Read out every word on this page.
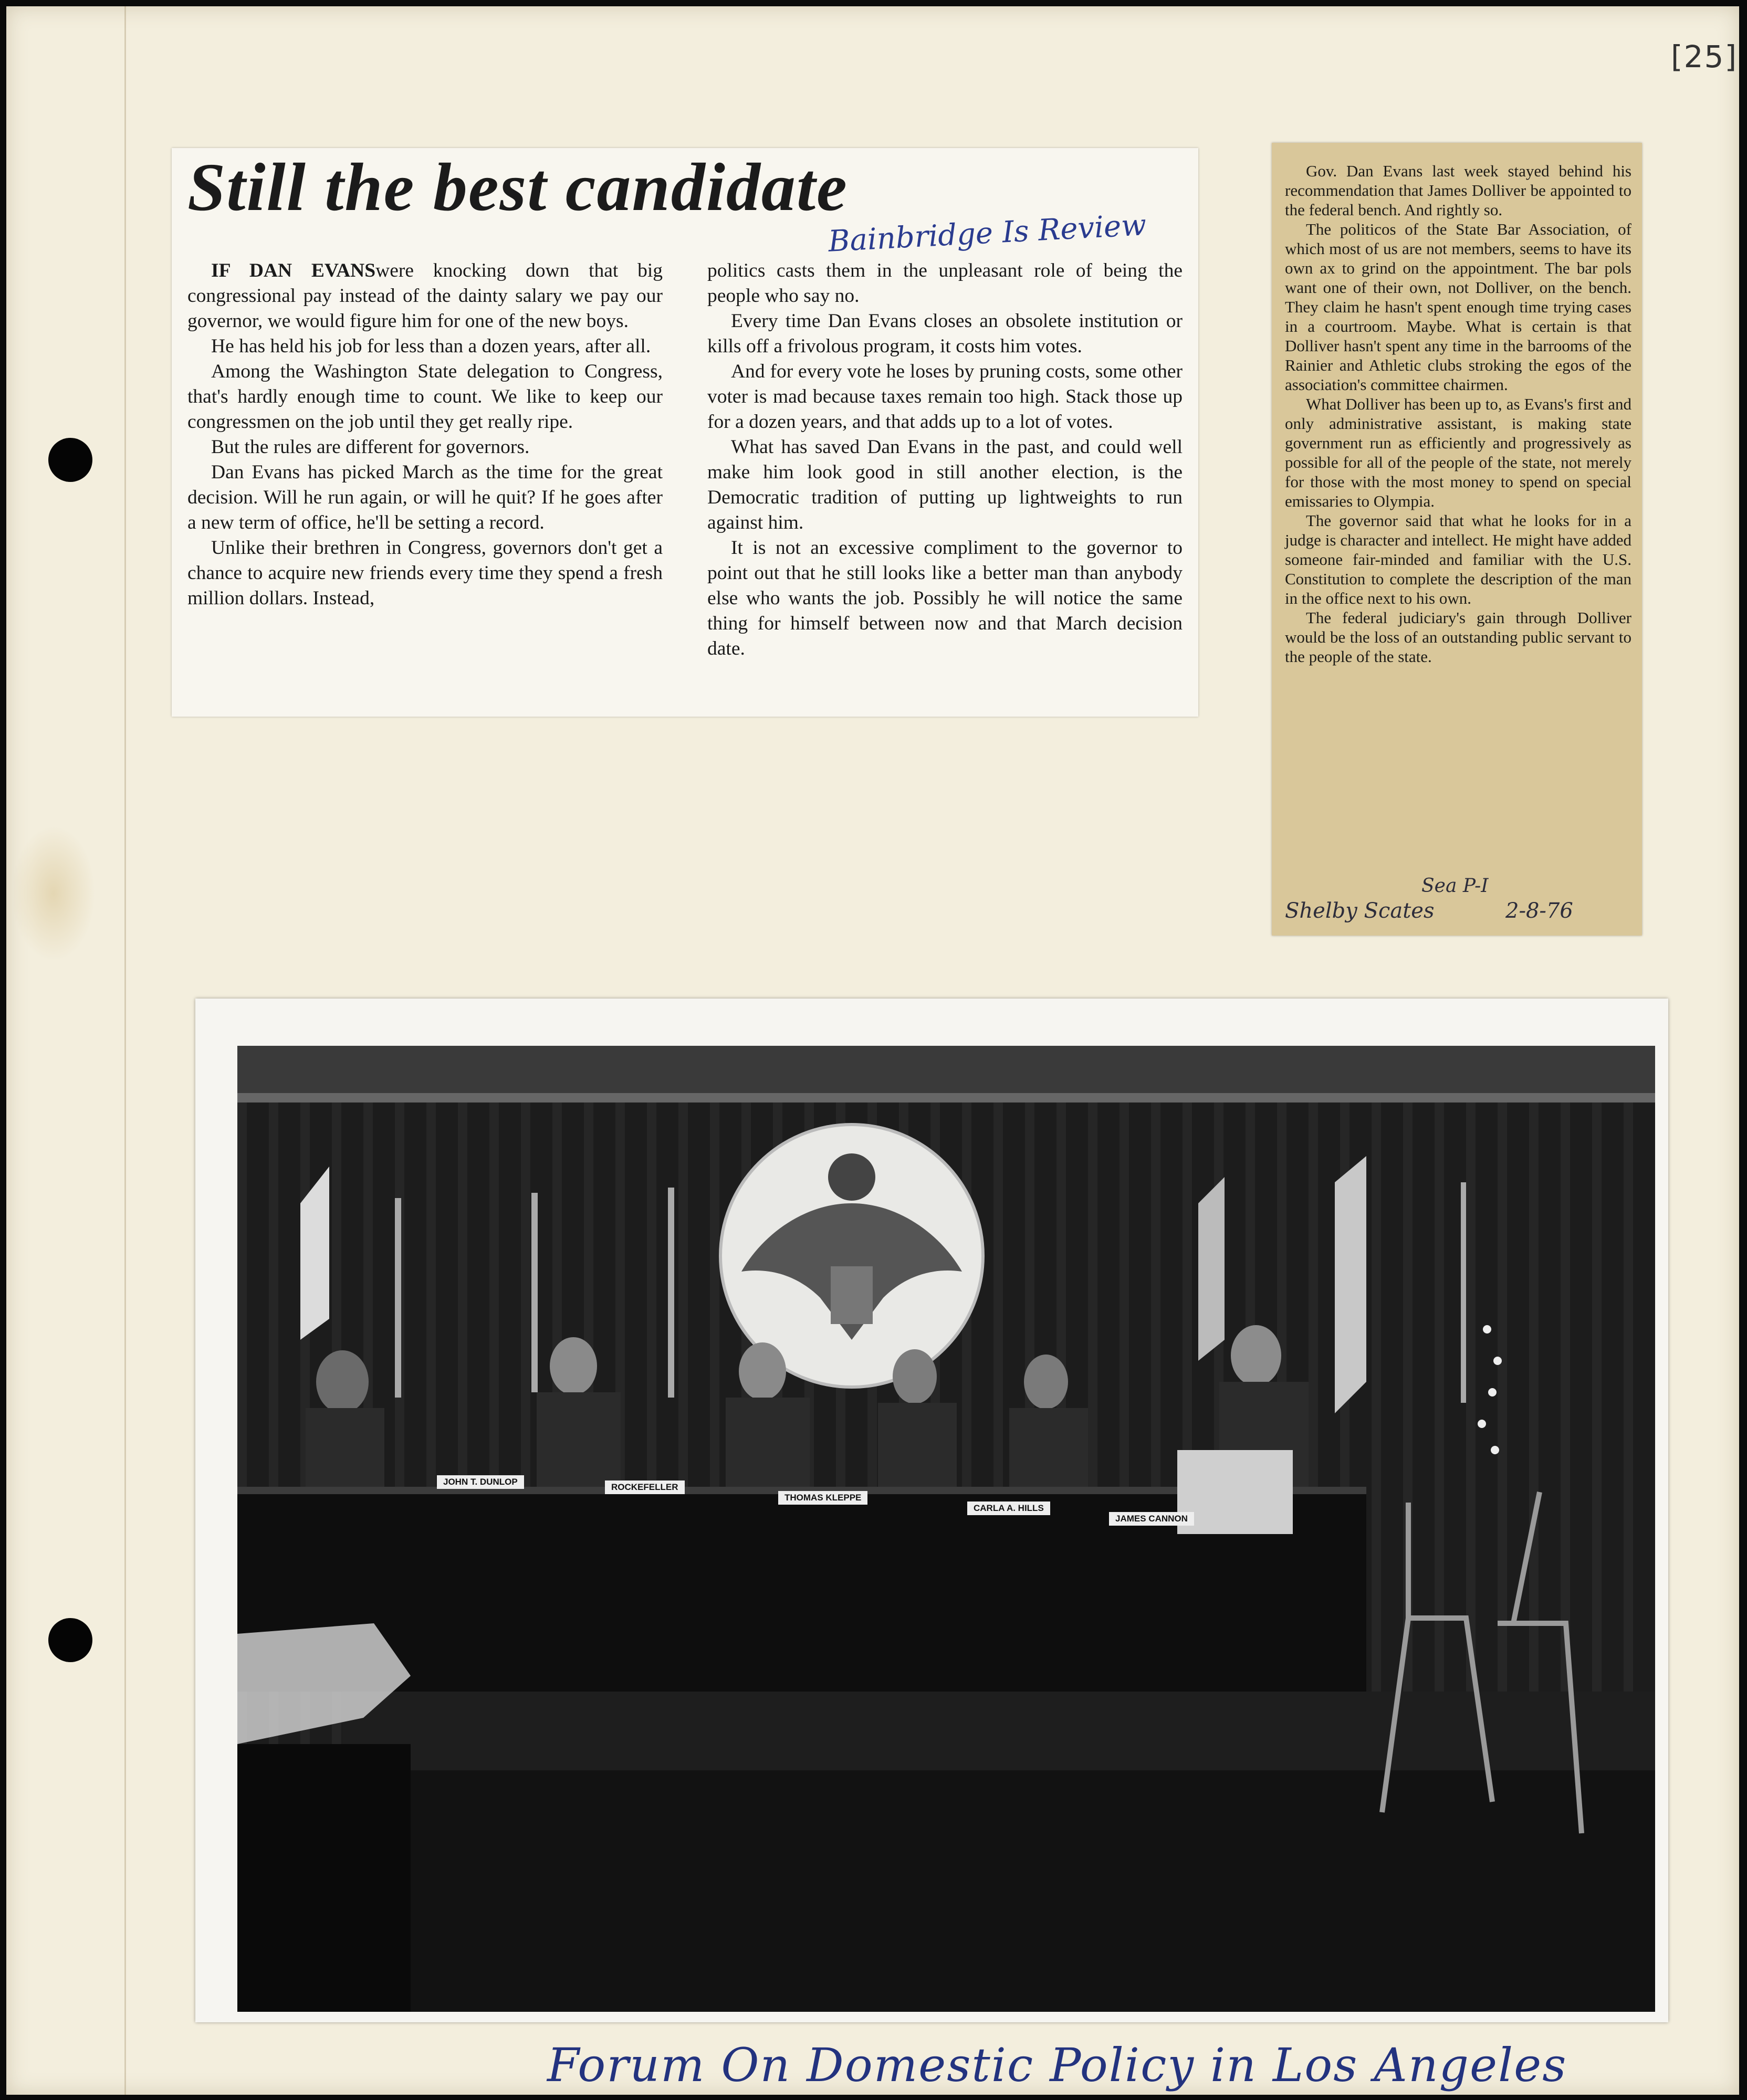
[25]
Still the best candidate
Bainbridge Is Review

IF DAN EVANSwere knocking down that big congressional pay instead of the dainty salary we pay our governor, we would figure him for one of the new boys.

He has held his job for less than a dozen years, after all.

Among the Washington State delegation to Congress, that's hardly enough time to count. We like to keep our congressmen on the job until they get really ripe.

But the rules are different for governors.

Dan Evans has picked March as the time for the great decision. Will he run again, or will he quit? If he goes after a new term of office, he'll be setting a record.

Unlike their brethren in Congress, governors don't get a chance to acquire new friends every time they spend a fresh million dollars. Instead,

politics casts them in the unpleasant role of being the people who say no.

Every time Dan Evans closes an obsolete institution or kills off a frivolous program, it costs him votes.

And for every vote he loses by pruning costs, some other voter is mad because taxes remain too high. Stack those up for a dozen years, and that adds up to a lot of votes.

What has saved Dan Evans in the past, and could well make him look good in still another election, is the Democratic tradition of putting up lightweights to run against him.

It is not an excessive compliment to the governor to point out that he still looks like a better man than anybody else who wants the job. Possibly he will notice the same thing for himself between now and that March decision date.

Gov. Dan Evans last week stayed behind his recommendation that James Dolliver be appointed to the federal bench. And rightly so.

The politicos of the State Bar Association, of which most of us are not members, seems to have its own ax to grind on the appointment. The bar pols want one of their own, not Dolliver, on the bench. They claim he hasn't spent enough time trying cases in a courtroom. Maybe. What is certain is that Dolliver hasn't spent any time in the barrooms of the Rainier and Athletic clubs stroking the egos of the association's committee chairmen.

What Dolliver has been up to, as Evans's first and only administrative assistant, is making state government run as efficiently and progressively as possible for all of the people of the state, not merely for those with the most money to spend on special emissaries to Olympia.

The governor said that what he looks for in a judge is character and intellect. He might have added someone fair-minded and familiar with the U.S. Constitution to complete the description of the man in the office next to his own.

The federal judiciary's gain through Dolliver would be the loss of an outstanding public servant to the people of the state.

Sea P-I
Shelby Scates	2-8-76
JOHN T. DUNLOP
ROCKEFELLER
THOMAS KLEPPE
CARLA A. HILLS
JAMES CANNON
Forum On Domestic Policy in Los Angeles
